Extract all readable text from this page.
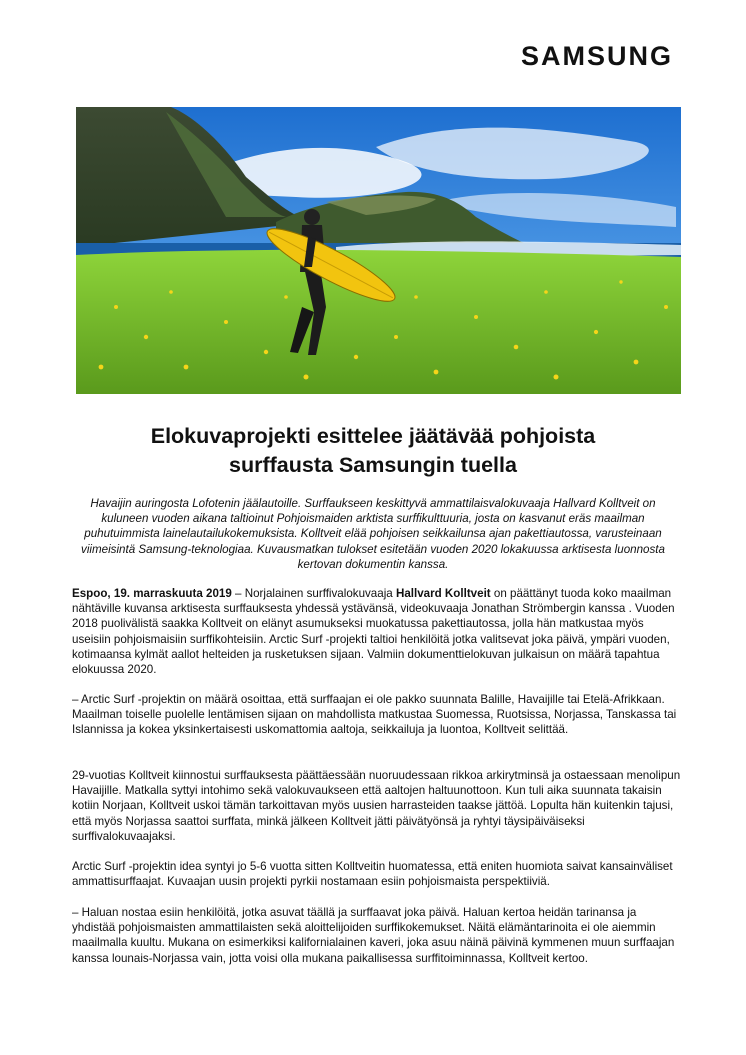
SAMSUNG
Elokuvaprojekti esittelee jäätävää pohjoista
surffausta Samsungin tuella

Havaijin auringosta Lofotenin jäälautoille. Surffaukseen keskittyvä ammattilaisvalokuvaaja Hallvard Kolltveit on kuluneen vuoden aikana taltioinut Pohjoismaiden arktista surffikulttuuria, josta on kasvanut eräs maailman puhutuimmista lainelautailukokemuksista. Kolltveit elää pohjoisen seikkailunsa ajan pakettiautossa, varusteinaan viimeisintä Samsung-teknologiaa. Kuvausmatkan tulokset esitetään vuoden 2020 lokakuussa arktisesta luonnosta kertovan dokumentin kanssa.

Espoo, 19. marraskuuta 2019 – Norjalainen surffivalokuvaaja Hallvard Kolltveit on päättänyt tuoda koko maailman nähtäville kuvansa arktisesta surffauksesta yhdessä ystävänsä, videokuvaaja Jonathan Strömbergin kanssa . Vuoden 2018 puolivälistä saakka Kolltveit on elänyt asumukseksi muokatussa pakettiautossa, jolla hän matkustaa myös useisiin pohjoismaisiin surffikohteisiin. Arctic Surf -projekti taltioi henkilöitä jotka valitsevat joka päivä, ympäri vuoden, kotimaansa kylmät aallot helteiden ja rusketuksen sijaan. Valmiin dokumenttielokuvan julkaisun on määrä tapahtua elokuussa 2020.

– Arctic Surf -projektin on määrä osoittaa, että surffaajan ei ole pakko suunnata Balille, Havaijille tai Etelä-Afrikkaan. Maailman toiselle puolelle lentämisen sijaan on mahdollista matkustaa Suomessa, Ruotsissa, Norjassa, Tanskassa tai Islannissa ja kokea yksinkertaisesti uskomattomia aaltoja, seikkailuja ja luontoa, Kolltveit selittää.

29-vuotias Kolltveit kiinnostui surffauksesta päättäessään nuoruudessaan rikkoa arkirytminsä ja ostaessaan menolipun Havaijille. Matkalla syttyi intohimo sekä valokuvaukseen että aaltojen haltuunottoon. Kun tuli aika suunnata takaisin kotiin Norjaan, Kolltveit uskoi tämän tarkoittavan myös uusien harrasteiden taakse jättöä. Lopulta hän kuitenkin tajusi, että myös Norjassa saattoi surffata, minkä jälkeen Kolltveit jätti päivätyönsä ja ryhtyi täysipäiväiseksi surffivalokuvaajaksi.

Arctic Surf -projektin idea syntyi jo 5-6 vuotta sitten Kolltveitin huomatessa, että eniten huomiota saivat kansainväliset ammattisurffaajat. Kuvaajan uusin projekti pyrkii nostamaan esiin pohjoismaista perspektiiviä.

– Haluan nostaa esiin henkilöitä, jotka asuvat täällä ja surffaavat joka päivä. Haluan kertoa heidän tarinansa ja yhdistää pohjoismaisten ammattilaisten sekä aloittelijoiden surffikokemukset. Näitä elämäntarinoita ei ole aiemmin maailmalla kuultu. Mukana on esimerkiksi kalifornialainen kaveri, joka asuu näinä päivinä kymmenen muun surffaajan kanssa lounais-Norjassa vain, jotta voisi olla mukana paikallisessa surffitoiminnassa, Kolltveit kertoo.
